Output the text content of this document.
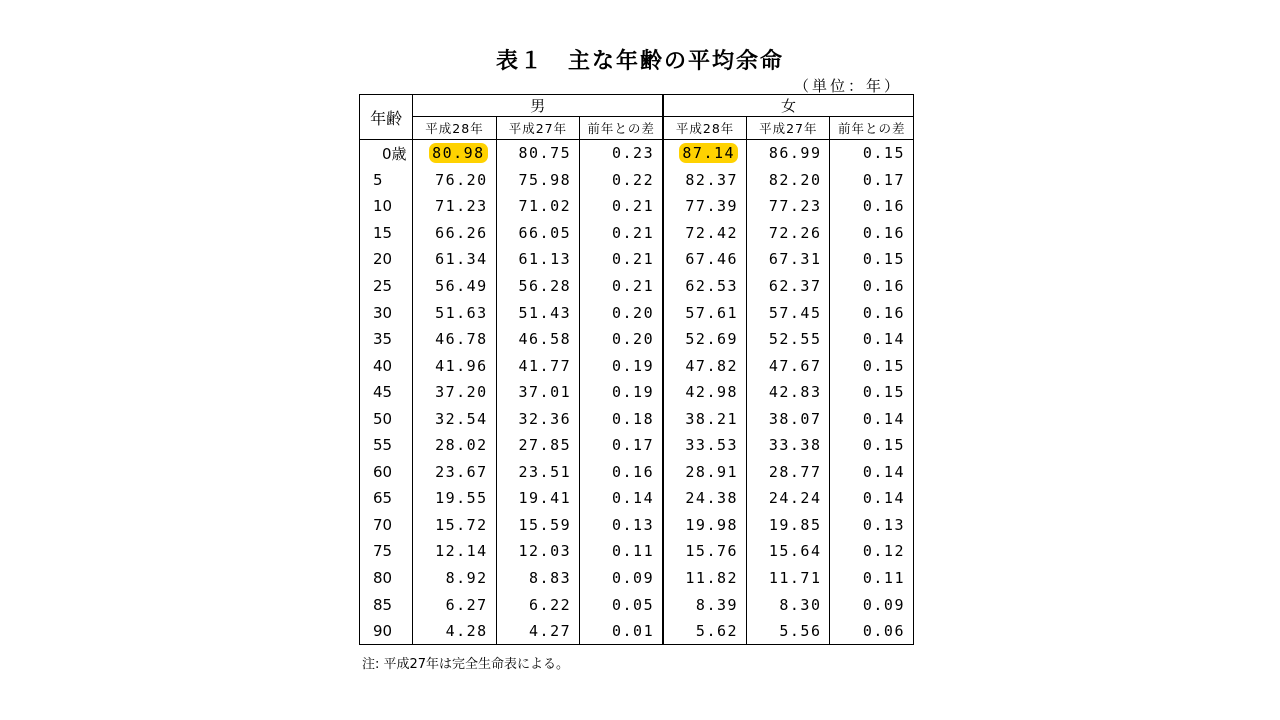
表１　主な年齢の平均余命
（単位：年）
年齢	男			女		
	平成28年	平成27年	前年との差	平成28年	平成27年	前年との差
0歳	80.98	80.75	0.23	87.14	86.99	0.15
5	76.20	75.98	0.22	82.37	82.20	0.17
10	71.23	71.02	0.21	77.39	77.23	0.16
15	66.26	66.05	0.21	72.42	72.26	0.16
20	61.34	61.13	0.21	67.46	67.31	0.15
25	56.49	56.28	0.21	62.53	62.37	0.16
30	51.63	51.43	0.20	57.61	57.45	0.16
35	46.78	46.58	0.20	52.69	52.55	0.14
40	41.96	41.77	0.19	47.82	47.67	0.15
45	37.20	37.01	0.19	42.98	42.83	0.15
50	32.54	32.36	0.18	38.21	38.07	0.14
55	28.02	27.85	0.17	33.53	33.38	0.15
60	23.67	23.51	0.16	28.91	28.77	0.14
65	19.55	19.41	0.14	24.38	24.24	0.14
70	15.72	15.59	0.13	19.98	19.85	0.13
75	12.14	12.03	0.11	15.76	15.64	0.12
80	8.92	8.83	0.09	11.82	11.71	0.11
85	6.27	6.22	0.05	8.39	8.30	0.09
90	4.28	4.27	0.01	5.62	5.56	0.06
注: 平成27年は完全生命表による。
